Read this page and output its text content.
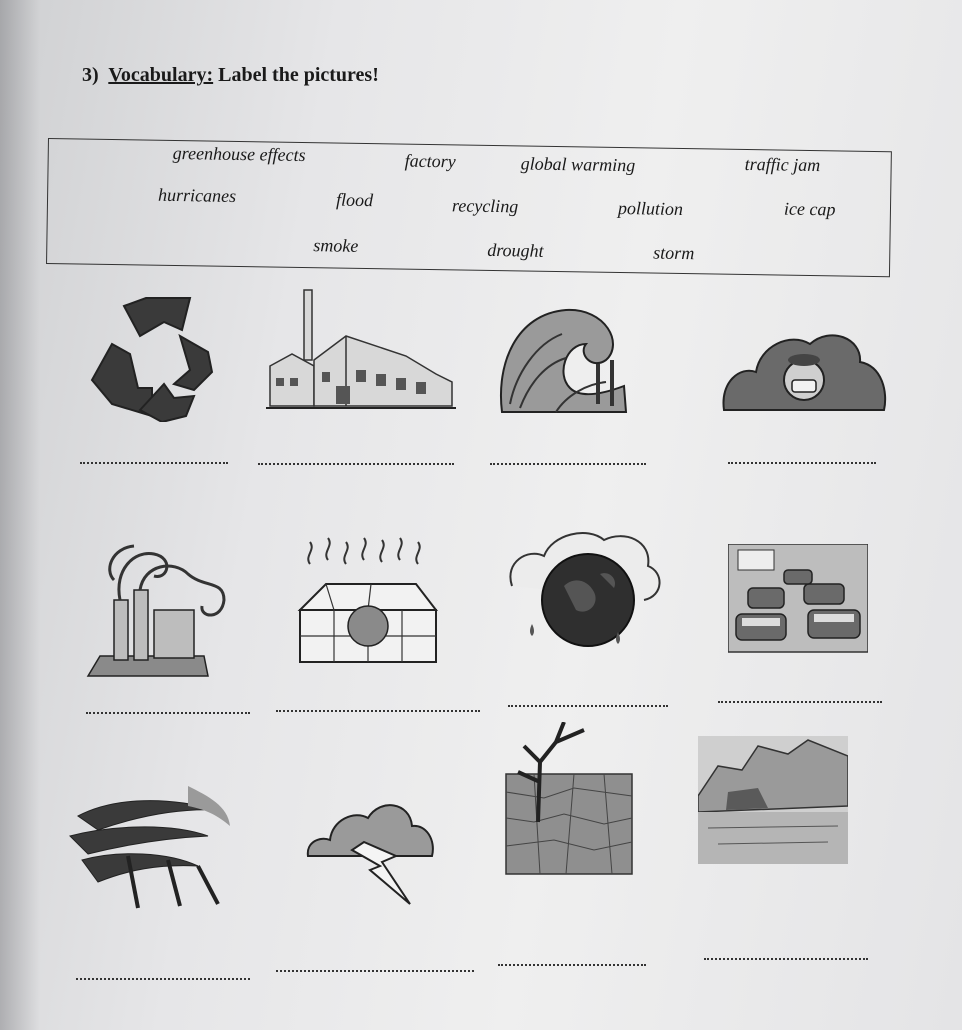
3) Vocabulary: Label the pictures!
greenhouse effects	factory	global warming	traffic jam
hurricanes	flood	recycling	pollution	ice cap
smoke	drought	storm
